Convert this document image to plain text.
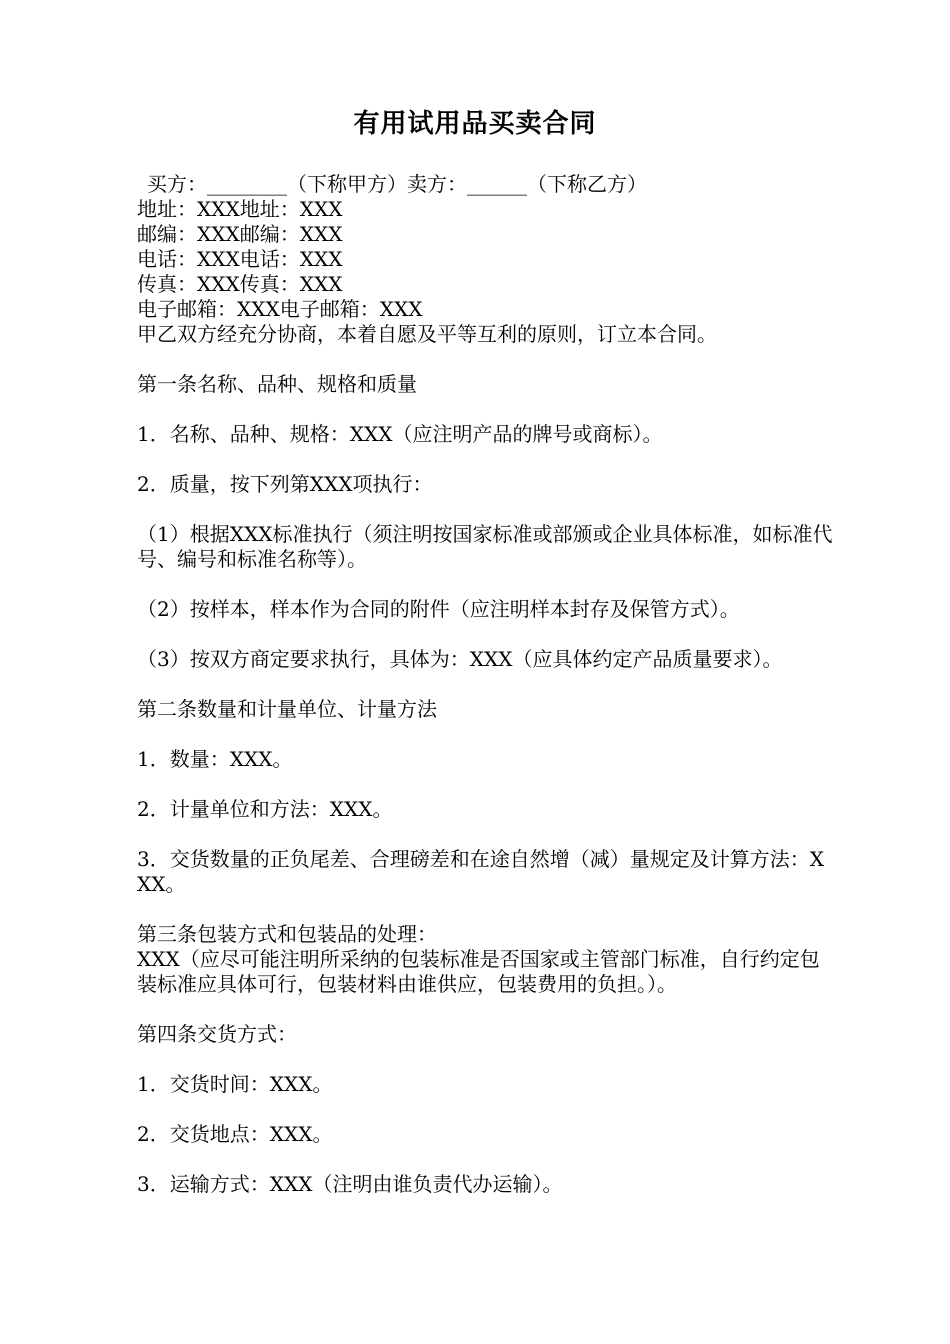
有用试用品买卖合同

买方：________（下称甲方）卖方：______（下称乙方）

地址：XXX地址：XXX

邮编：XXX邮编：XXX

电话：XXX电话：XXX

传真：XXX传真：XXX

电子邮箱：XXX电子邮箱：XXX

甲乙双方经充分协商，本着自愿及平等互利的原则，订立本合同。

第一条名称、品种、规格和质量

1．名称、品种、规格：XXX（应注明产品的牌号或商标）。

2．质量，按下列第XXX项执行：

（1）根据XXX标准执行（须注明按国家标准或部颁或企业具体标准，如标准代号、编号和标准名称等）。

（2）按样本，样本作为合同的附件（应注明样本封存及保管方式）。

（3）按双方商定要求执行，具体为：XXX（应具体约定产品质量要求）。

第二条数量和计量单位、计量方法

1．数量：XXX。

2．计量单位和方法：XXX。

3．交货数量的正负尾差、合理磅差和在途自然增（减）量规定及计算方法：XXX。

第三条包装方式和包装品的处理：

XXX（应尽可能注明所采纳的包装标准是否国家或主管部门标准，自行约定包装标准应具体可行，包装材料由谁供应，包装费用的负担。）。

第四条交货方式：

1．交货时间：XXX。

2．交货地点：XXX。

3．运输方式：XXX（注明由谁负责代办运输）。
